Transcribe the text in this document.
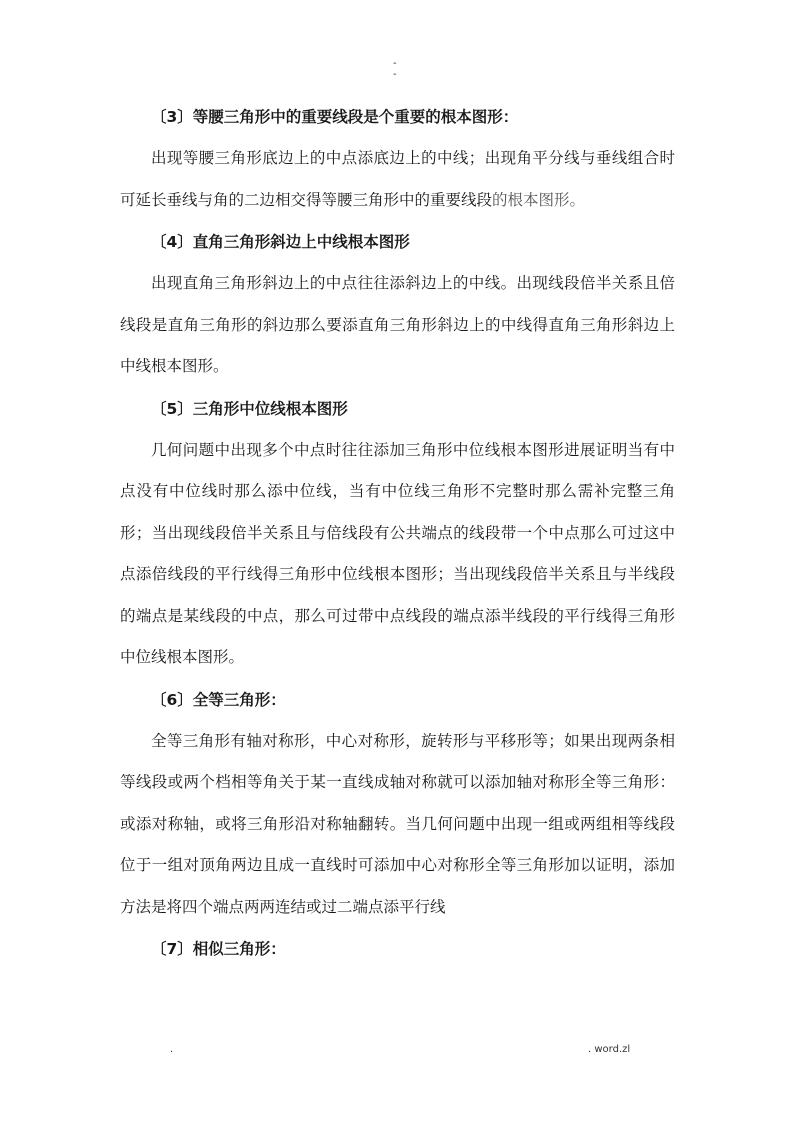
-
-

〔3〕等腰三角形中的重要线段是个重要的根本图形：

出现等腰三角形底边上的中点添底边上的中线；出现角平分线与垂线组合时可延长垂线与角的二边相交得等腰三角形中的重要线段的根本图形。

〔4〕直角三角形斜边上中线根本图形

出现直角三角形斜边上的中点往往添斜边上的中线。出现线段倍半关系且倍线段是直角三角形的斜边那么要添直角三角形斜边上的中线得直角三角形斜边上中线根本图形。

〔5〕三角形中位线根本图形

几何问题中出现多个中点时往往添加三角形中位线根本图形进展证明当有中点没有中位线时那么添中位线，当有中位线三角形不完整时那么需补完整三角形；当出现线段倍半关系且与倍线段有公共端点的线段带一个中点那么可过这中点添倍线段的平行线得三角形中位线根本图形；当出现线段倍半关系且与半线段的端点是某线段的中点，那么可过带中点线段的端点添半线段的平行线得三角形中位线根本图形。

〔6〕全等三角形：

全等三角形有轴对称形，中心对称形，旋转形与平移形等；如果出现两条相等线段或两个档相等角关于某一直线成轴对称就可以添加轴对称形全等三角形：或添对称轴，或将三角形沿对称轴翻转。当几何问题中出现一组或两组相等线段位于一组对顶角两边且成一直线时可添加中心对称形全等三角形加以证明，添加方法是将四个端点两两连结或过二端点添平行线

〔7〕相似三角形：

.	. word.zl
